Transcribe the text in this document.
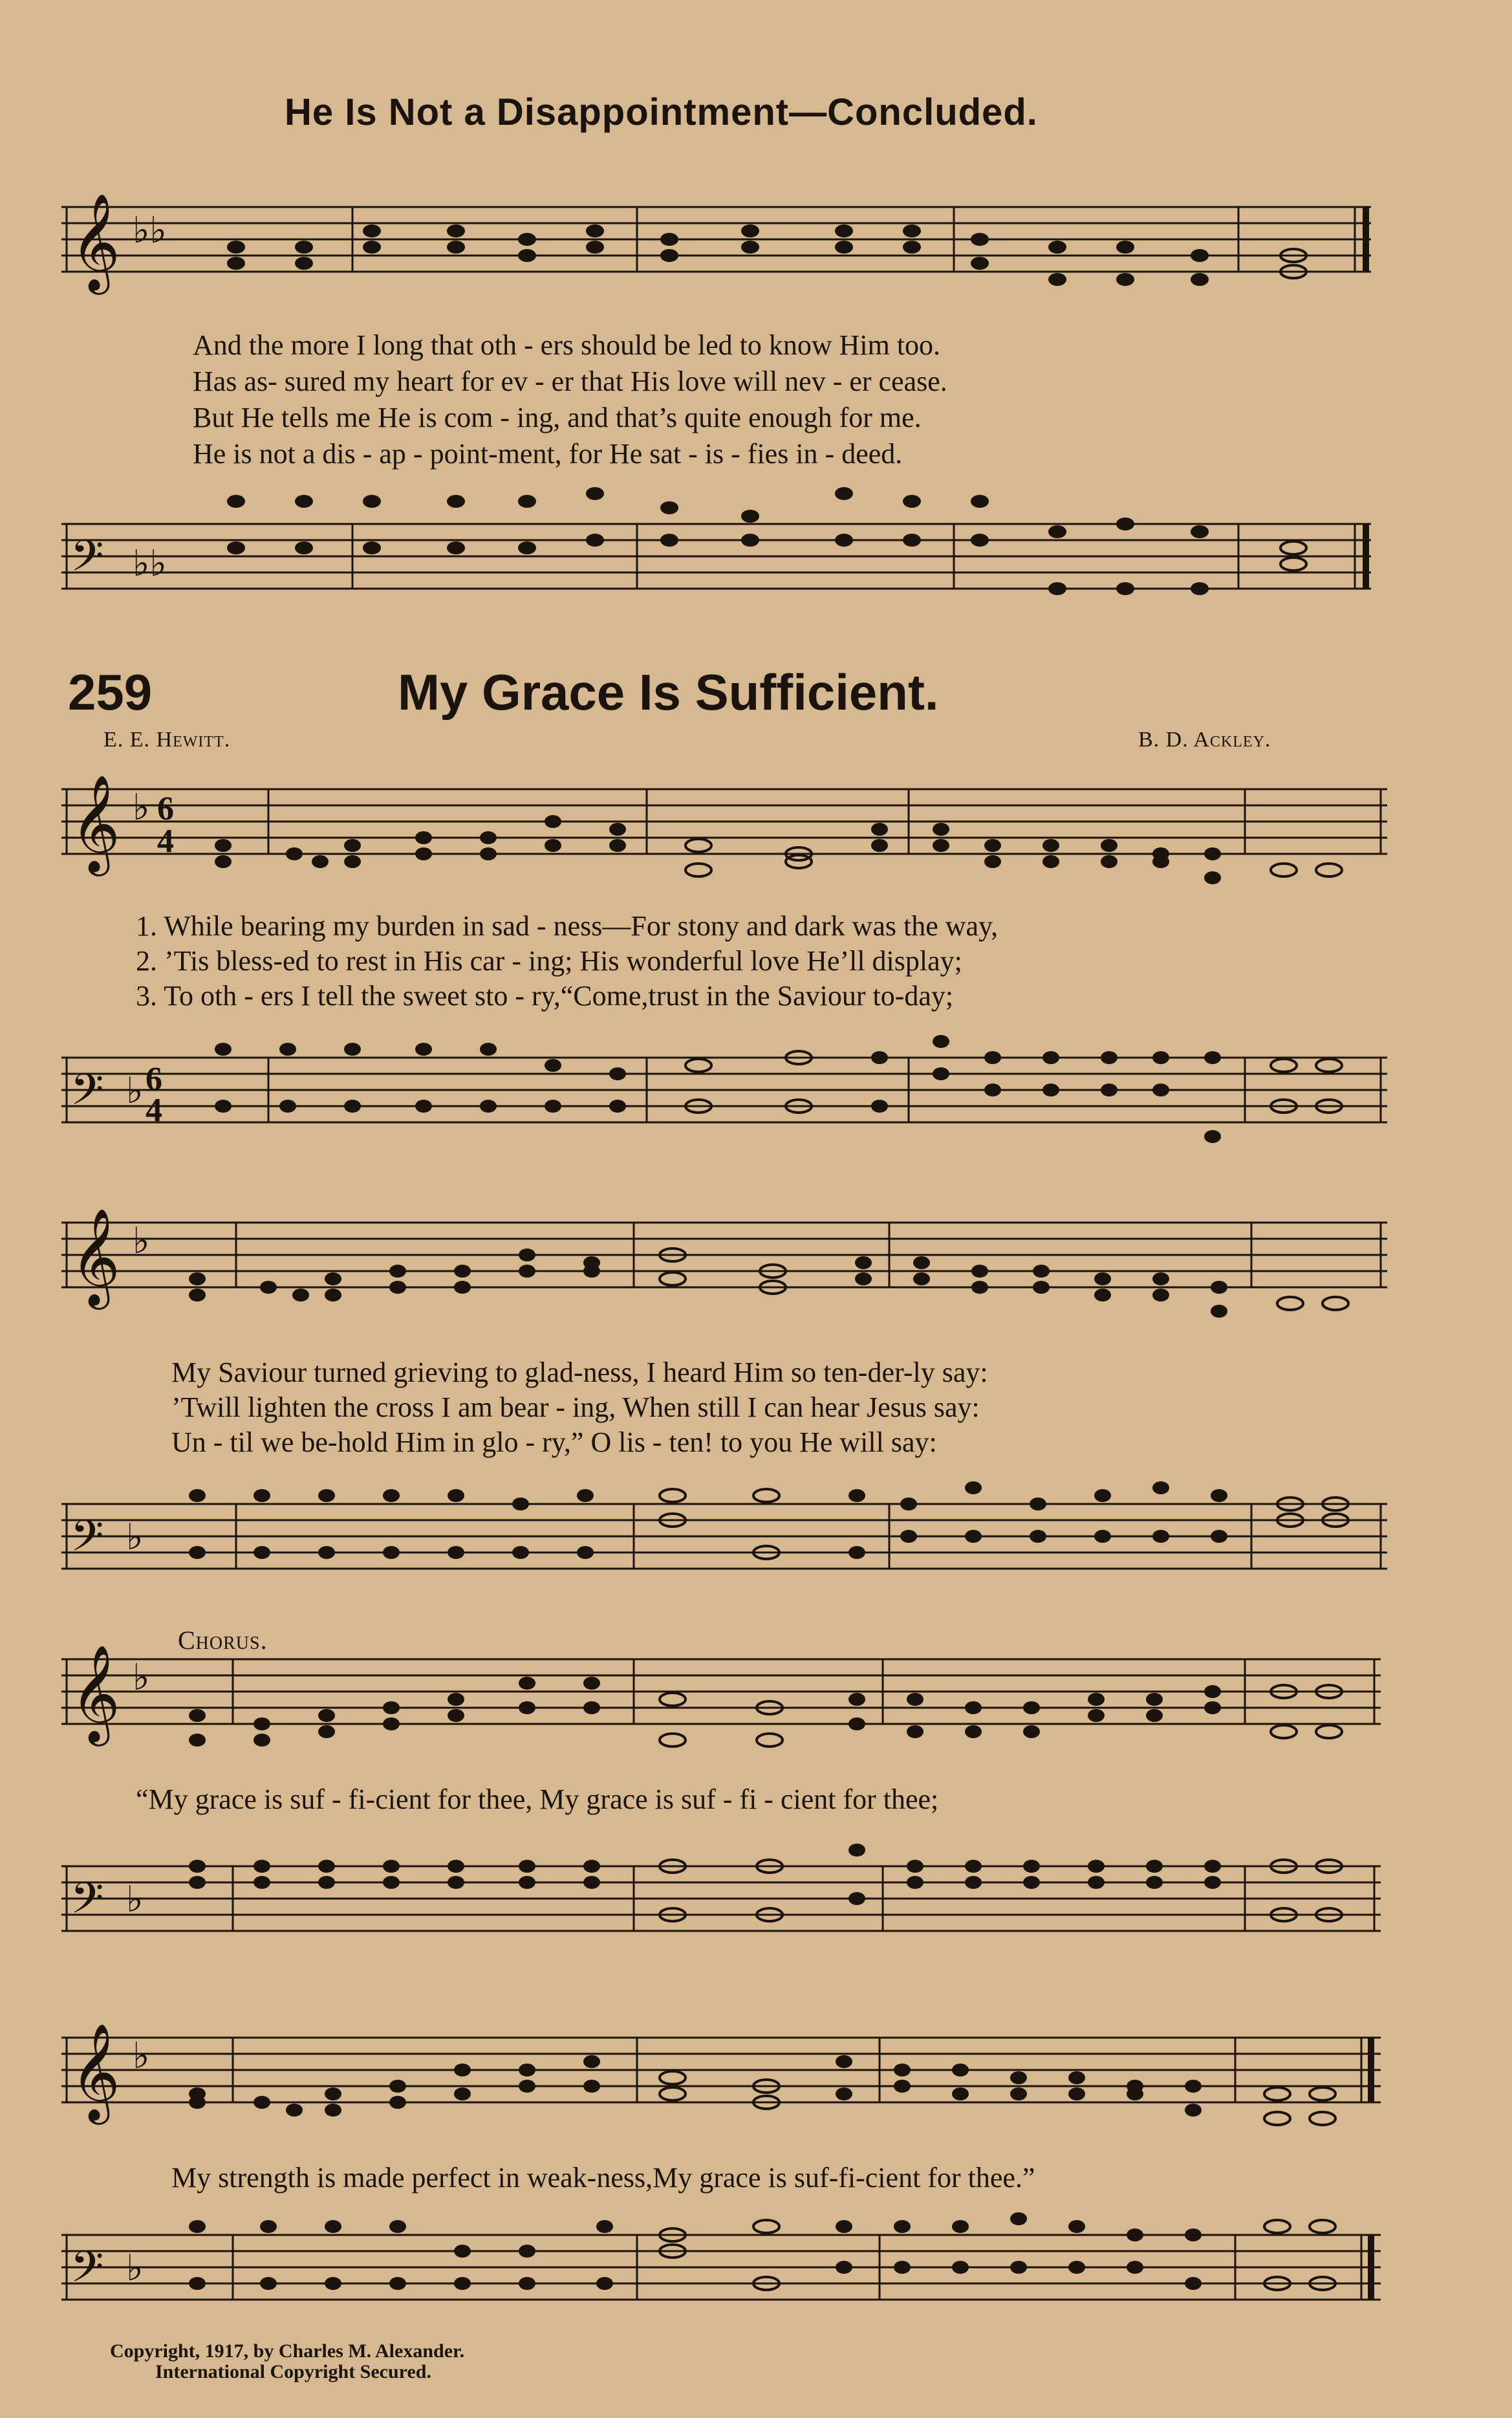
He Is Not a Disappointment—Concluded.
𝄞 ♭♭
And the more I long that oth - ers should be led to know Him too.
Has as- sured my heart for ev - er that His love will nev - er cease.
But He tells me He is com - ing, and that’s quite enough for me.
He is not a dis - ap - point-ment, for He sat - is - fies in - deed.
𝄢 ♭♭
259	My Grace Is Sufficient.
E. E. Hewitt.	B. D. Ackley.
𝄞 ♭ 6
4
1. While bearing my burden in sad - ness—For stony and dark was the way,
2. ’Tis bless-ed to rest in His car - ing; His wonderful love He’ll display;
3. To oth - ers I tell the sweet sto - ry,“Come,trust in the Saviour to-day;
𝄢 ♭ 6
4
𝄞 ♭
My Saviour turned grieving to glad-ness, I heard Him so ten-der-ly say:
’Twill lighten the cross I am bear - ing, When still I can hear Jesus say:
Un - til we be-hold Him in glo - ry,” O lis - ten! to you He will say:
𝄢 ♭
Chorus.
𝄞 ♭
“My grace is suf - fi-cient for thee, My grace is suf - fi - cient for thee;
𝄢 ♭
𝄞 ♭
My strength is made perfect in weak-ness,My grace is suf-fi-cient for thee.”
𝄢 ♭
Copyright, 1917, by Charles M. Alexander.
International Copyright Secured.
